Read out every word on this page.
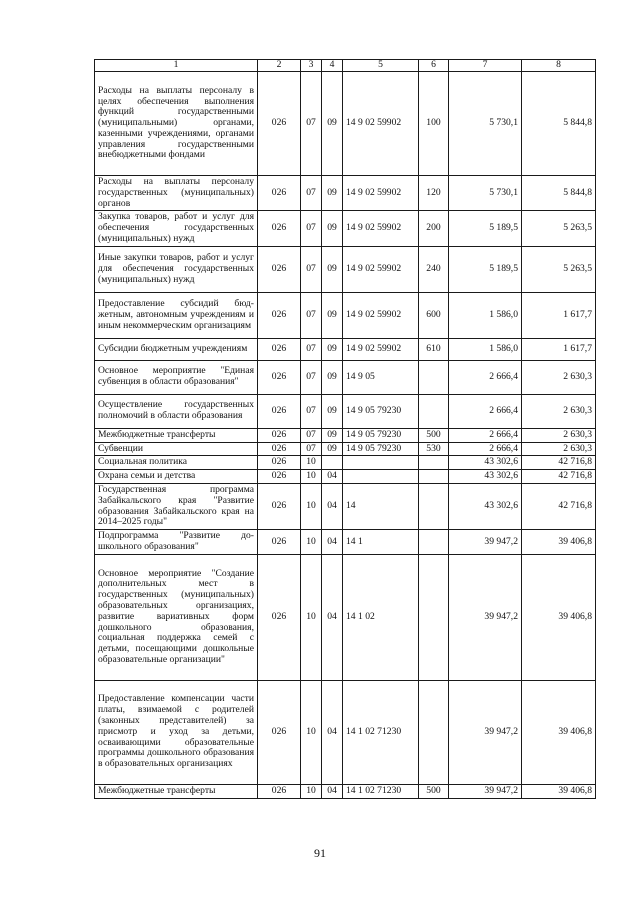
1	2	3	4	5	6	7	8
Расходы на выплаты персоналу в целях обеспечения выполнения функций государственными (муниципальными) органами, казенными учреждениями, органами управления государственными внебюджетными фондами	026	07	09	14 9 02 59902	100	5 730,1	5 844,8
Расходы на выплаты персоналу государственных (муниципальных) органов	026	07	09	14 9 02 59902	120	5 730,1	5 844,8
Закупка товаров, работ и услуг для обеспечения государственных (муниципальных) нужд	026	07	09	14 9 02 59902	200	5 189,5	5 263,5
Иные закупки товаров, работ и услуг для обеспечения государственных (муниципальных) нужд	026	07	09	14 9 02 59902	240	5 189,5	5 263,5
Предоставление субсидий бюджетным, автономным учреждениям и иным некоммерческим организациям	026	07	09	14 9 02 59902	600	1 586,0	1 617,7
Субсидии бюджетным учреждениям	026	07	09	14 9 02 59902	610	1 586,0	1 617,7
Основное мероприятие "Единая субвенция в области образования"	026	07	09	14 9 05		2 666,4	2 630,3
Осуществление государственных полномочий в области образования	026	07	09	14 9 05 79230		2 666,4	2 630,3
Межбюджетные трансферты	026	07	09	14 9 05 79230	500	2 666,4	2 630,3
Субвенции	026	07	09	14 9 05 79230	530	2 666,4	2 630,3
Социальная политика	026	10				43 302,6	42 716,8
Охрана семьи и детства	026	10	04			43 302,6	42 716,8
Государственная программа Забайкальского края "Развитие образования Забайкальского края на 2014–2025 годы"	026	10	04	14		43 302,6	42 716,8
Подпрограмма "Развитие дошкольного образования"	026	10	04	14 1		39 947,2	39 406,8
Основное мероприятие "Создание дополнительных мест в государственных (муниципальных) образовательных организациях, развитие вариативных форм дошкольного образования, социальная поддержка семей с детьми, посещающими дошкольные образовательные организации"	026	10	04	14 1 02		39 947,2	39 406,8
Предоставление компенсации части платы, взимаемой с родителей (законных представителей) за присмотр и уход за детьми, осваивающими образовательные программы дошкольного образования в образовательных организациях	026	10	04	14 1 02 71230		39 947,2	39 406,8
Межбюджетные трансферты	026	10	04	14 1 02 71230	500	39 947,2	39 406,8
91
